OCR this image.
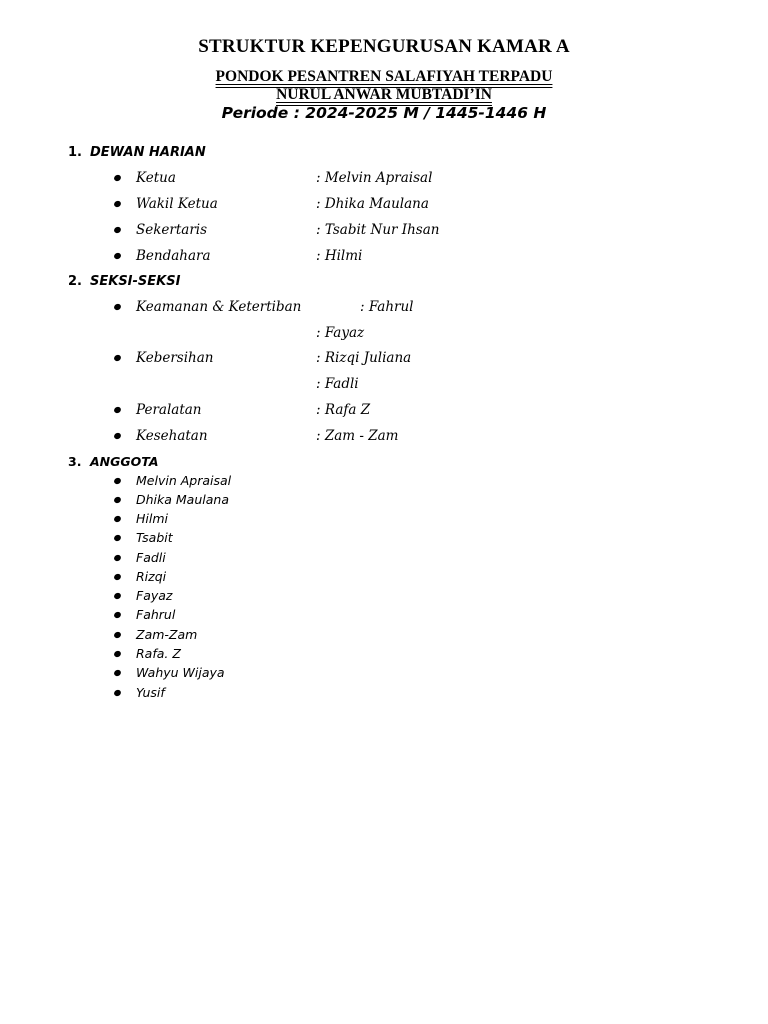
STRUKTUR KEPENGURUSAN KAMAR A
PONDOK PESANTREN SALAFIYAH TERPADU
NURUL ANWAR MUBTADI’IN
Periode : 2024-2025 M / 1445-1446 H
1. DEWAN HARIAN
Ketua	: Melvin Apraisal
Wakil Ketua	: Dhika Maulana
Sekertaris	: Tsabit Nur Ihsan
Bendahara	: Hilmi
2. SEKSI-SEKSI
Keamanan & Ketertiban	: Fahrul
: Fayaz
Kebersihan	: Rizqi Juliana
: Fadli
Peralatan	: Rafa Z
Kesehatan	: Zam - Zam
3. ANGGOTA
Melvin Apraisal
Dhika Maulana
Hilmi
Tsabit
Fadli
Rizqi
Fayaz
Fahrul
Zam-Zam
Rafa. Z
Wahyu Wijaya
Yusif
